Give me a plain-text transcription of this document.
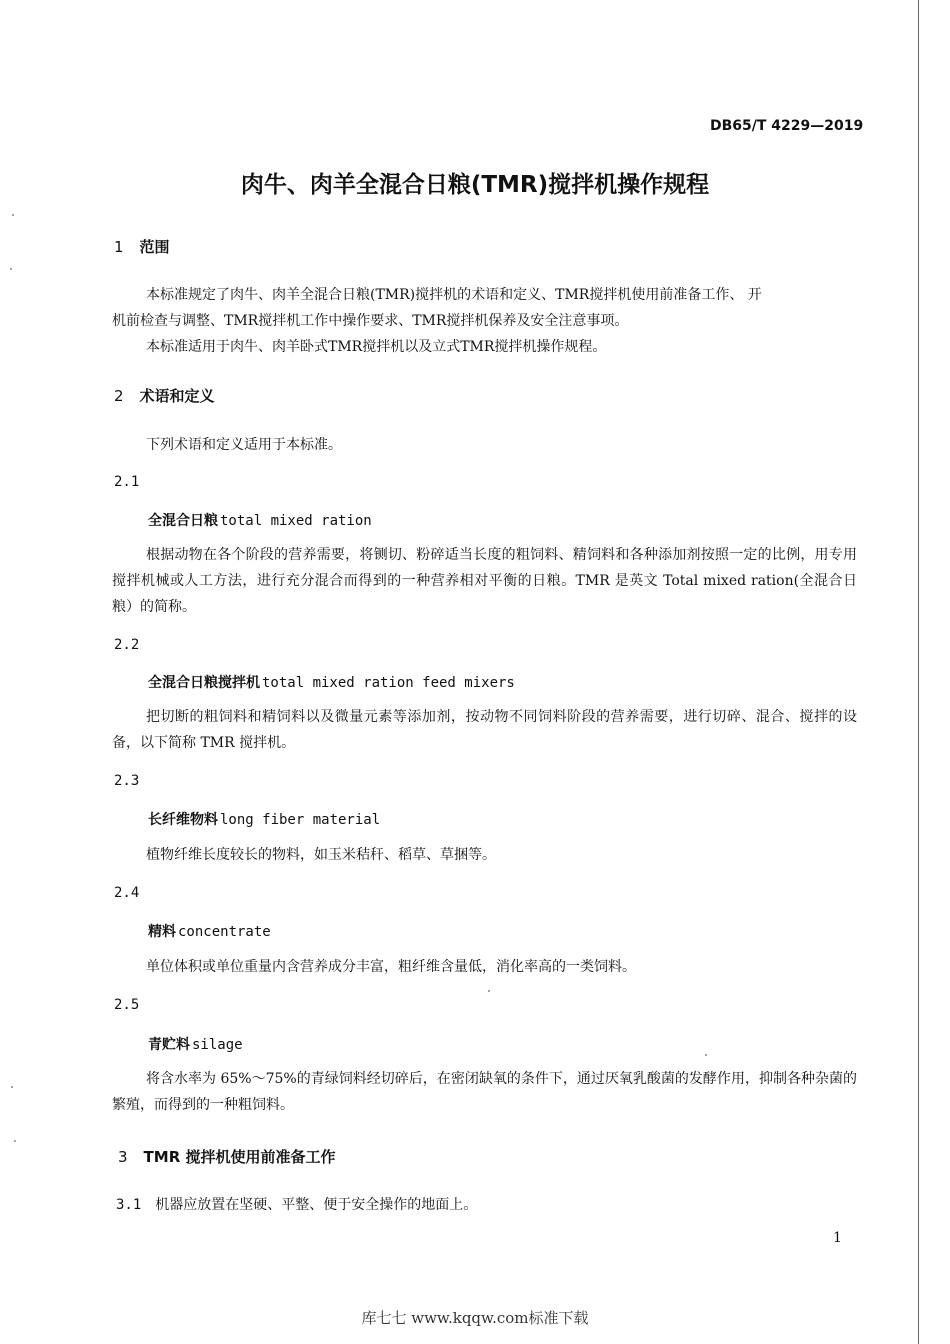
DB65/T 4229—2019
肉牛、肉羊全混合日粮(TMR)搅拌机操作规程
1 范围
本标准规定了肉牛、肉羊全混合日粮(TMR)搅拌机的术语和定义、TMR搅拌机使用前准备工作、 开
机前检查与调整、TMR搅拌机工作中操作要求、TMR搅拌机保养及安全注意事项。
本标准适用于肉牛、肉羊卧式TMR搅拌机以及立式TMR搅拌机操作规程。
2 术语和定义
下列术语和定义适用于本标准。
2.1
全混合日粮 total mixed ration
根据动物在各个阶段的营养需要，将铡切、粉碎适当长度的粗饲料、精饲料和各种添加剂按照一定的比例，用专用搅拌机械或人工方法，进行充分混合而得到的一种营养相对平衡的日粮。TMR 是英文 Total mixed ration(全混合日粮）的简称。
2.2
全混合日粮搅拌机 total mixed ration feed mixers
把切断的粗饲料和精饲料以及微量元素等添加剂，按动物不同饲料阶段的营养需要，进行切碎、混合、搅拌的设备，以下简称 TMR 搅拌机。
2.3
长纤维物料 long fiber material
植物纤维长度较长的物料，如玉米秸秆、稻草、草捆等。
2.4
精料 concentrate
单位体积或单位重量内含营养成分丰富，粗纤维含量低，消化率高的一类饲料。
2.5
青贮料 silage
将含水率为 65%～75%的青绿饲料经切碎后，在密闭缺氧的条件下，通过厌氧乳酸菌的发酵作用，抑制各种杂菌的繁殖，而得到的一种粗饲料。
3 TMR 搅拌机使用前准备工作
3.1 机器应放置在坚硬、平整、便于安全操作的地面上。
1
库七七 www.kqqw.com标准下载
